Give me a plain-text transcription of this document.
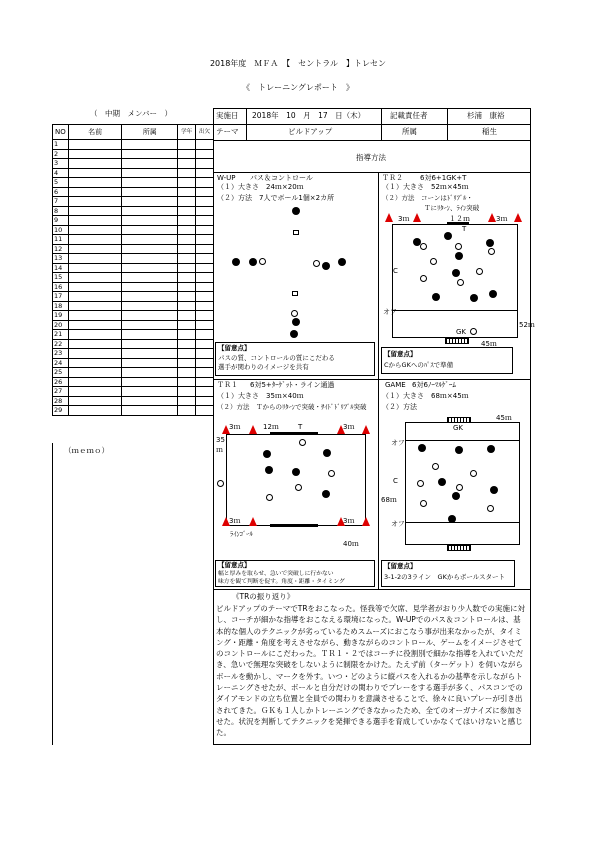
2018年度　ＭＦＡ　【　セントラル　】トレセン
《　トレーニングレポート　》
（　中期　メンバー　）
NO	名前	所属	学年	出欠
1				
2				
3				
4				
5				
6				
7				
8				
9				
10				
11				
12				
13				
14				
15				
16				
17				
18				
19				
20				
21				
22				
23				
24				
25				
26				
27				
28				
29				
（ｍｅｍｏ）
実施日 2018年　10　月　17　日（木）	記載責任者	杉浦　康裕
テーマ	ビルドアップ	所属	稲生
指導方法
W-UP パス＆コントロール
（１）大きさ　24ｍ×20ｍ
（２）方法　7人でボール1個×2カ所
【留意点】
パスの質、コントロールの質にこだわる
選手が関わりのイメージを共有
ＴＲ２ 6対6+1GK+T
（１）大きさ　52ｍ×45ｍ
（２）方法　コーンはﾄﾞﾘﾌﾞﾙ・
Ｔにﾘﾀｰﾝ、ﾗｲﾝ突破
１２ｍ
3ｍ	3ｍ
T
C
オフ
GK
52ｍ
45ｍ
【留意点】
CからGKへのﾊﾟｽで準備
ＴＲ１ 6対5+ﾀｰｹﾞｯﾄ・ライン通過
（１）大きさ　35ｍ×40ｍ
（２）方法　Ｔからのﾘﾀｰﾝで突破・ｻｲﾄﾞﾄﾞﾘﾌﾞﾙ突破
3ｍ	12ｍ	T	3ｍ
35
ｍ
3ｍ	3ｍ
ﾗｲﾝｺﾞｰﾙ
40ｍ
【留意点】
幅と厚みを取らせ、急いで突破しに行かない
味方を観て判断を促す。角度・距離・タイミング
GAME 6対6ﾉｰﾏﾙｹﾞｰﾑ
（１）大きさ　68ｍ×45ｍ
（２）方法
45ｍ
GK
オフ
C
68ｍ
オフ
【留意点】
3-1-2の3ライン　GKからボールスタート
《TRの振り返り》
ビルドアップのテーマでTRをおこなった。怪我等で欠席、見学者がおり少人数での実施に対し、コーチが細かな指導をおこなえる環境になった。W-UPでのパス＆コントロールは、基本的な個人のテクニックが劣っているためスムーズにおこなう事が出来なかったが、タイミング・距離・角度を考えさせながら、動きながらのコントロール、ゲームをイメージさせてのコントロールにこだわった。ＴＲ１・２ではコーチに役割別で細かな指導を入れていただき、急いで無理な突破をしないように制限をかけた。たえず前（ターゲット）を伺いながらボールを動かし、マークを外す。いつ・どのように縦パスを入れるかの基準を示しながらトレーニングさせたが、ボールと自分だけの関わりでプレーをする選手が多く、パスコンでのダイアモンドの立ち位置と全員での関わりを意識させることで、徐々に良いプレーが引き出されてきた。ＧＫも１人しかトレーニングできなかったため、全てのオーガナイズに参加させた。状況を判断してテクニックを発揮できる選手を育成していかなくてはいけないと感じた。
